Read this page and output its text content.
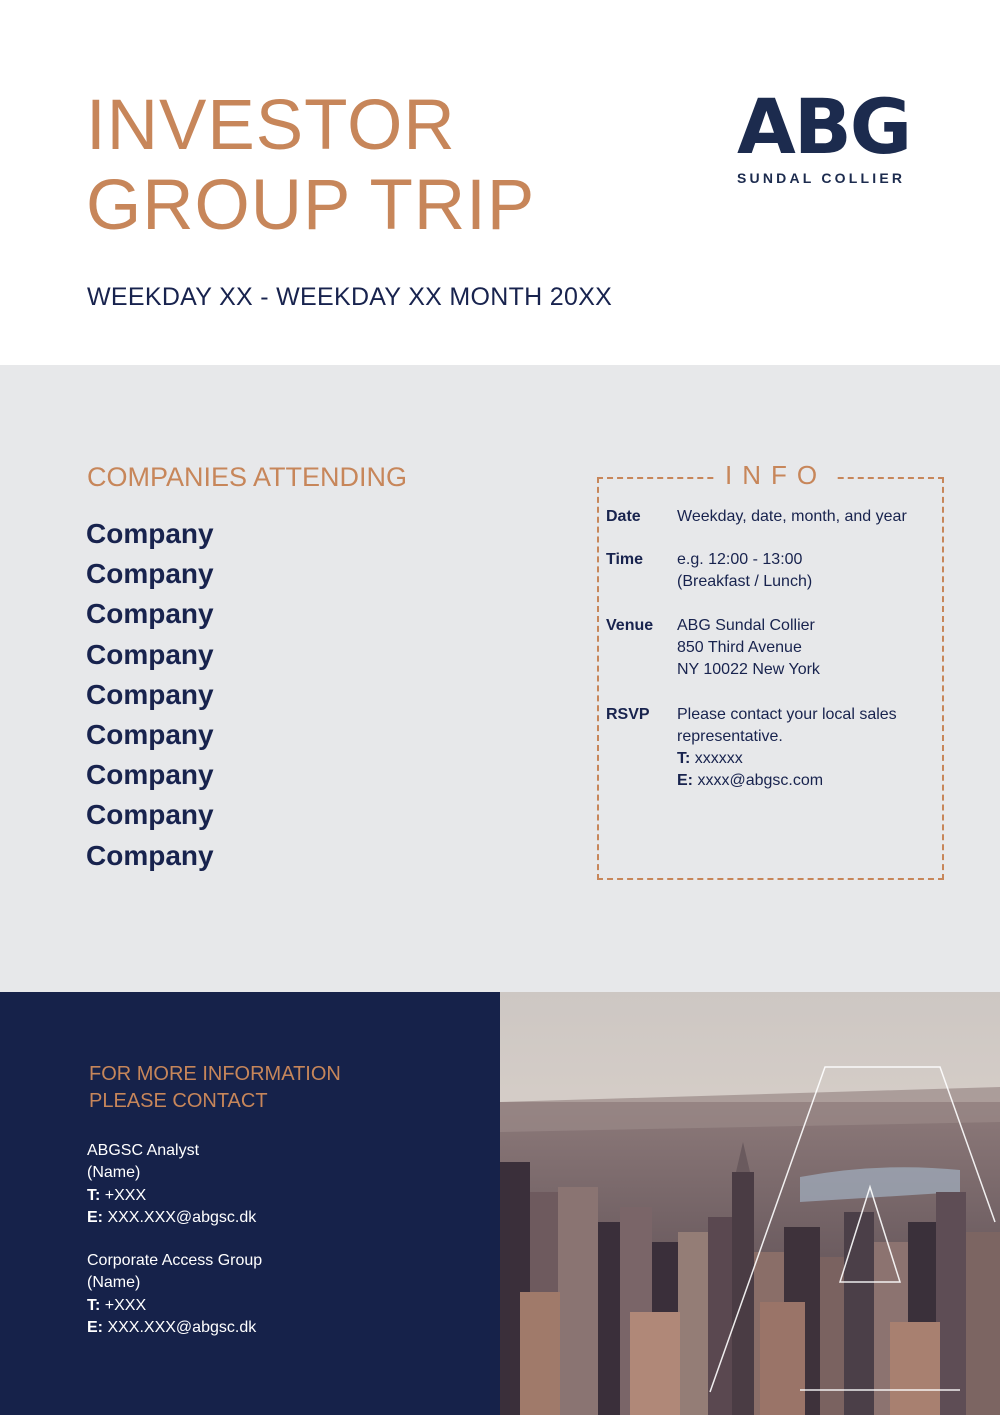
INVESTOR
GROUP TRIP
WEEKDAY XX - WEEKDAY XX MONTH 20XX
ABG
SUNDAL COLLIER
COMPANIES ATTENDING
Company
Company
Company
Company
Company
Company
Company
Company
Company
INFO
Date	Weekday, date, month, and year
Time	e.g. 12:00 - 13:00
(Breakfast / Lunch)
Venue	ABG Sundal Collier
850 Third Avenue
NY 10022 New York
RSVP	Please contact your local sales
representative.
T: xxxxxx
E: xxxx@abgsc.com
FOR MORE INFORMATION
PLEASE CONTACT
ABGSC Analyst
(Name)
T: +XXX
E: XXX.XXX@abgsc.dk
Corporate Access Group
(Name)
T: +XXX
E: XXX.XXX@abgsc.dk
